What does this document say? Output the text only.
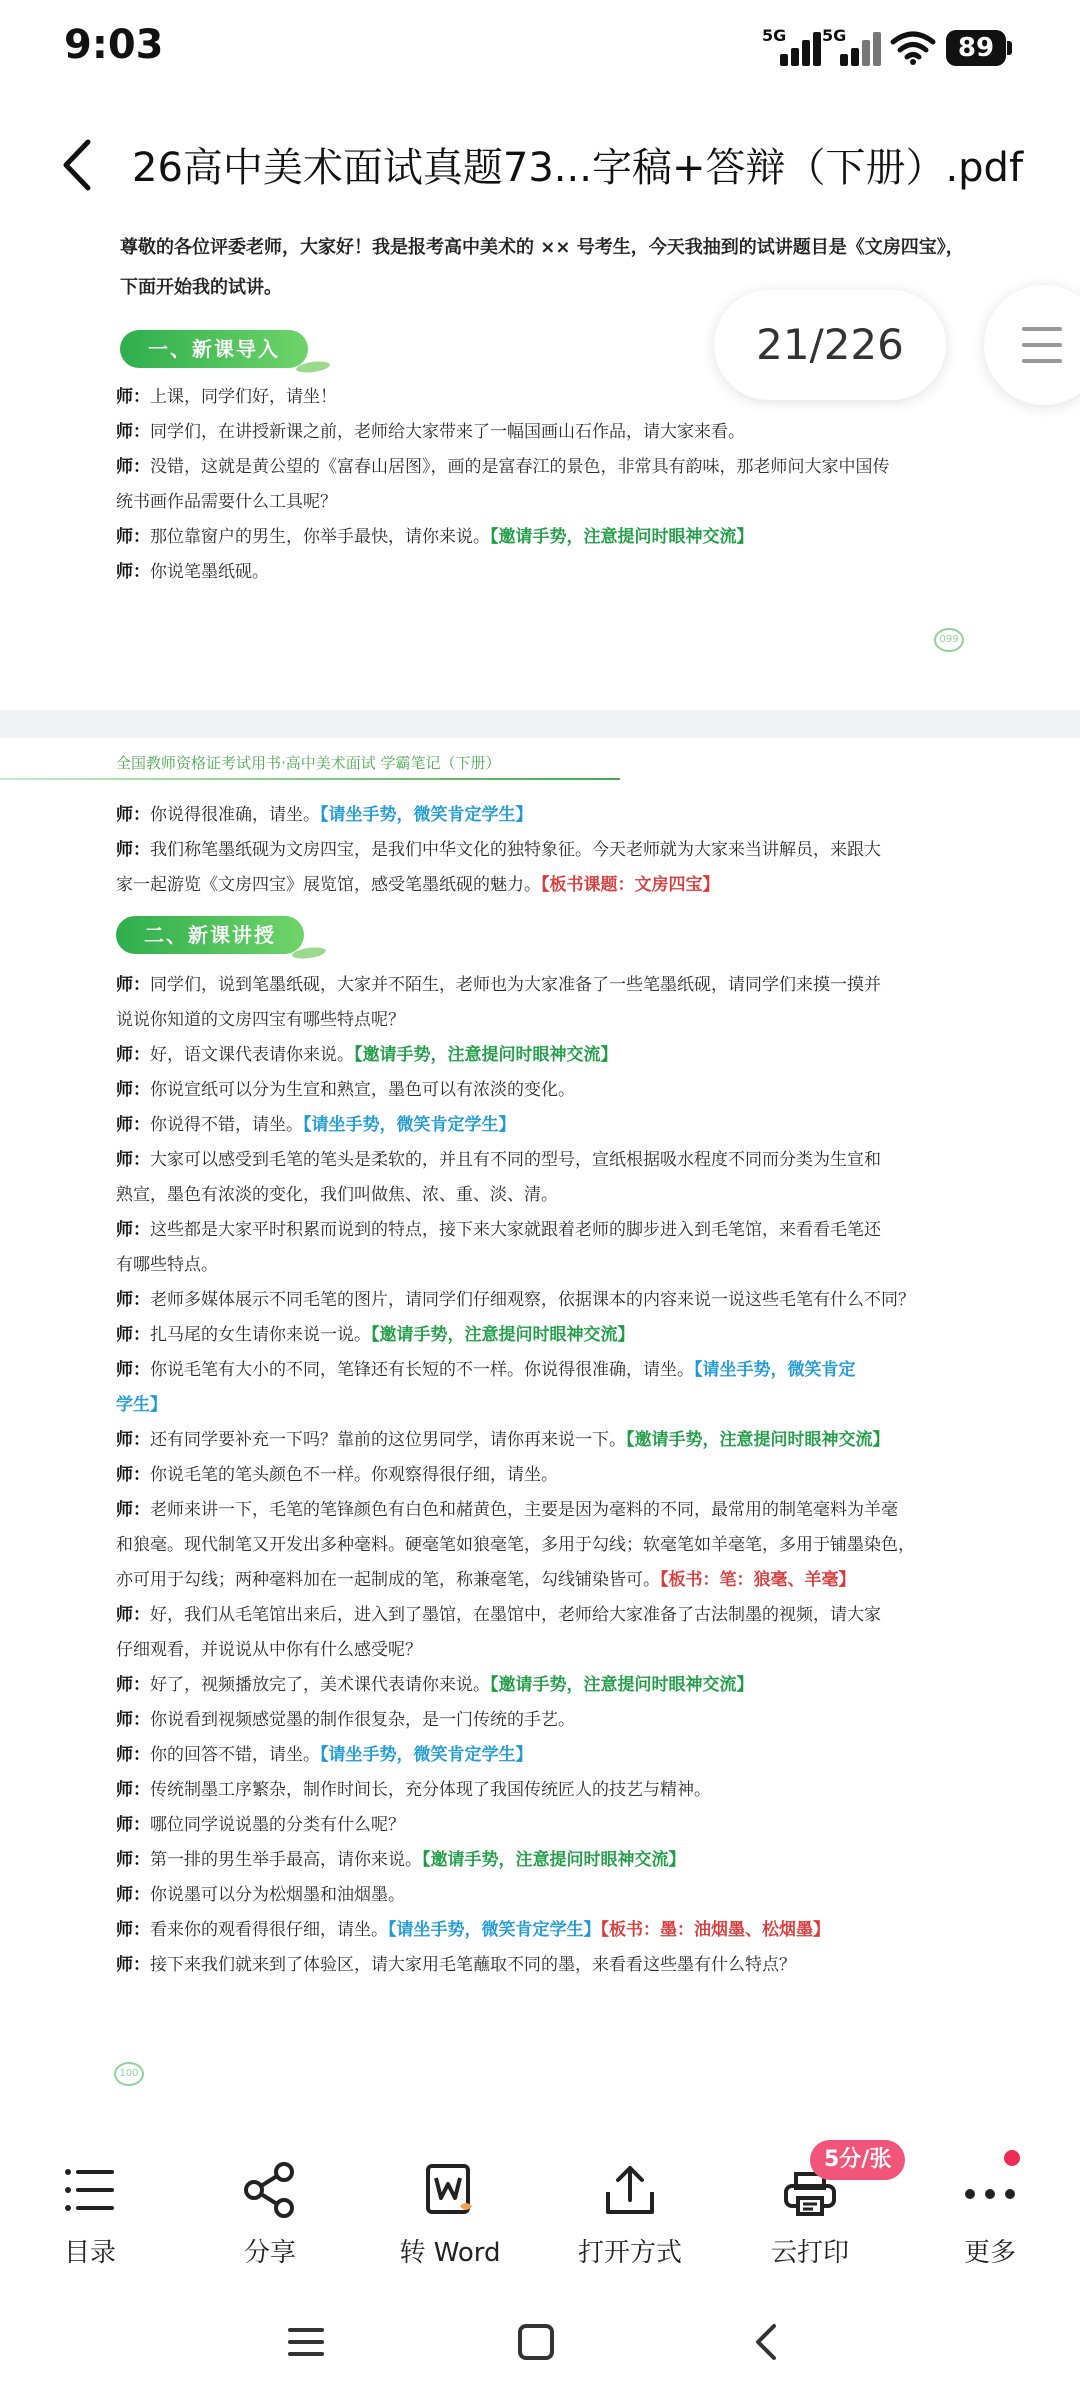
9:03	5G 5G	89
26高中美术面试真题73...字稿+答辩（下册）.pdf
尊敬的各位评委老师，大家好！我是报考高中美术的 ×× 号考生，今天我抽到的试讲题目是《文房四宝》，下面开始我的试讲。
一、新课导入
师：上课，同学们好，请坐！
师：同学们，在讲授新课之前，老师给大家带来了一幅国画山石作品，请大家来看。
师：没错，这就是黄公望的《富春山居图》，画的是富春江的景色，非常具有韵味，那老师问大家中国传
统书画作品需要什么工具呢？
师：那位靠窗户的男生，你举手最快，请你来说。【邀请手势，注意提问时眼神交流】
师：你说笔墨纸砚。
099
全国教师资格证考试用书·高中美术面试 学霸笔记（下册）
师：你说得很准确，请坐。【请坐手势，微笑肯定学生】
师：我们称笔墨纸砚为文房四宝，是我们中华文化的独特象征。今天老师就为大家来当讲解员，来跟大
家一起游览《文房四宝》展览馆，感受笔墨纸砚的魅力。【板书课题：文房四宝】
二、新课讲授
师：同学们，说到笔墨纸砚，大家并不陌生，老师也为大家准备了一些笔墨纸砚，请同学们来摸一摸并
说说你知道的文房四宝有哪些特点呢？
师：好，语文课代表请你来说。【邀请手势，注意提问时眼神交流】
师：你说宣纸可以分为生宣和熟宣，墨色可以有浓淡的变化。
师：你说得不错，请坐。【请坐手势，微笑肯定学生】
师：大家可以感受到毛笔的笔头是柔软的，并且有不同的型号，宣纸根据吸水程度不同而分类为生宣和
熟宣，墨色有浓淡的变化，我们叫做焦、浓、重、淡、清。
师：这些都是大家平时积累而说到的特点，接下来大家就跟着老师的脚步进入到毛笔馆，来看看毛笔还
有哪些特点。
师：老师多媒体展示不同毛笔的图片，请同学们仔细观察，依据课本的内容来说一说这些毛笔有什么不同？
师：扎马尾的女生请你来说一说。【邀请手势，注意提问时眼神交流】
师：你说毛笔有大小的不同，笔锋还有长短的不一样。你说得很准确，请坐。【请坐手势，微笑肯定
学生】
师：还有同学要补充一下吗？靠前的这位男同学，请你再来说一下。【邀请手势，注意提问时眼神交流】
师：你说毛笔的笔头颜色不一样。你观察得很仔细，请坐。
师：老师来讲一下，毛笔的笔锋颜色有白色和赭黄色，主要是因为毫料的不同，最常用的制笔毫料为羊毫
和狼毫。现代制笔又开发出多种毫料。硬毫笔如狼毫笔，多用于勾线；软毫笔如羊毫笔，多用于铺墨染色，
亦可用于勾线；两种毫料加在一起制成的笔，称兼毫笔，勾线铺染皆可。【板书：笔：狼毫、羊毫】
师：好，我们从毛笔馆出来后，进入到了墨馆，在墨馆中，老师给大家准备了古法制墨的视频，请大家
仔细观看，并说说从中你有什么感受呢？
师：好了，视频播放完了，美术课代表请你来说。【邀请手势，注意提问时眼神交流】
师：你说看到视频感觉墨的制作很复杂，是一门传统的手艺。
师：你的回答不错，请坐。【请坐手势，微笑肯定学生】
师：传统制墨工序繁杂，制作时间长，充分体现了我国传统匠人的技艺与精神。
师：哪位同学说说墨的分类有什么呢？
师：第一排的男生举手最高，请你来说。【邀请手势，注意提问时眼神交流】
师：你说墨可以分为松烟墨和油烟墨。
师：看来你的观看得很仔细，请坐。【请坐手势，微笑肯定学生】【板书：墨：油烟墨、松烟墨】
师：接下来我们就来到了体验区，请大家用毛笔蘸取不同的墨，来看看这些墨有什么特点？
100
21/226
目录	分享	转 Word	打开方式	云打印	更多
5分/张
